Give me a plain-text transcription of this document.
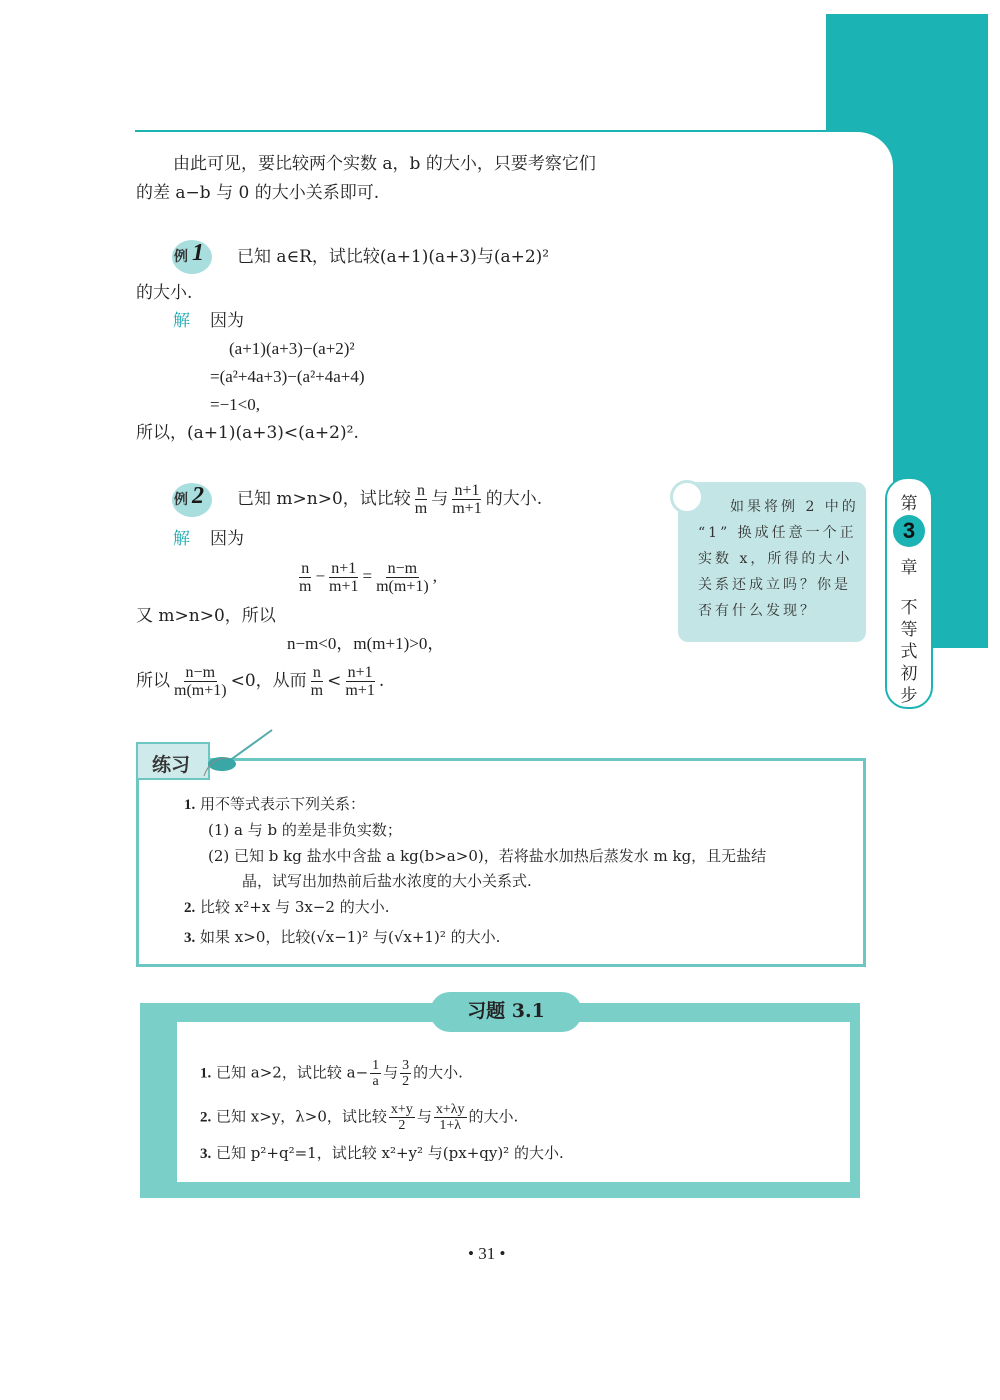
由此可见，要比较两个实数 a，b 的大小，只要考察它们
的差 a−b 与 0 的大小关系即可.
例 1 已知 a∈R，试比较(a+1)(a+3)与(a+2)²
的大小.
解 因为
(a+1)(a+3)−(a+2)²
=(a²+4a+3)−(a²+4a+4)
=−1<0,
所以，(a+1)(a+3)<(a+2)².
例 2 已知 m>n>0，试比较 $\frac{n}{m}$ 与 $\frac{n+1}{m+1}$ 的大小.
解 因为
$\frac{n}{m} - \frac{n+1}{m+1} = \frac{n-m}{m(m+1)}$ ,
又 m>n>0，所以
n−m<0，m(m+1)>0，
所以 $\frac{n-m}{m(m+1)} <0$，从而 $\frac{n}{m} < \frac{n+1}{m+1}$ .
如果将例 2 中的
“1” 换成任意一个正
实数 x，所得的大小
关系还成立吗？你是
否有什么发现？
第
3
章
不
等
式
初
步
练习
1. 用不等式表示下列关系：
(1) a 与 b 的差是非负实数；
(2) 已知 b kg 盐水中含盐 a kg(b>a>0)，若将盐水加热后蒸发水 m kg，且无盐结
晶，试写出加热前后盐水浓度的大小关系式.
2. 比较 x²+x 与 3x−2 的大小.
3. 如果 x>0，比较(√x−1)² 与(√x+1)² 的大小.
习题 3.1
1. 已知 a>2，试比较 $a- \frac{1}{a}$ 与 $\frac{3}{2}$ 的大小.
2. 已知 x>y，λ>0，试比较 $\frac{x+y}{2}$ 与 $\frac{x+\lambda y}{1+\lambda}$ 的大小.
3. 已知 p²+q²=1，试比较 x²+y² 与(px+qy)² 的大小.
• 31 •
